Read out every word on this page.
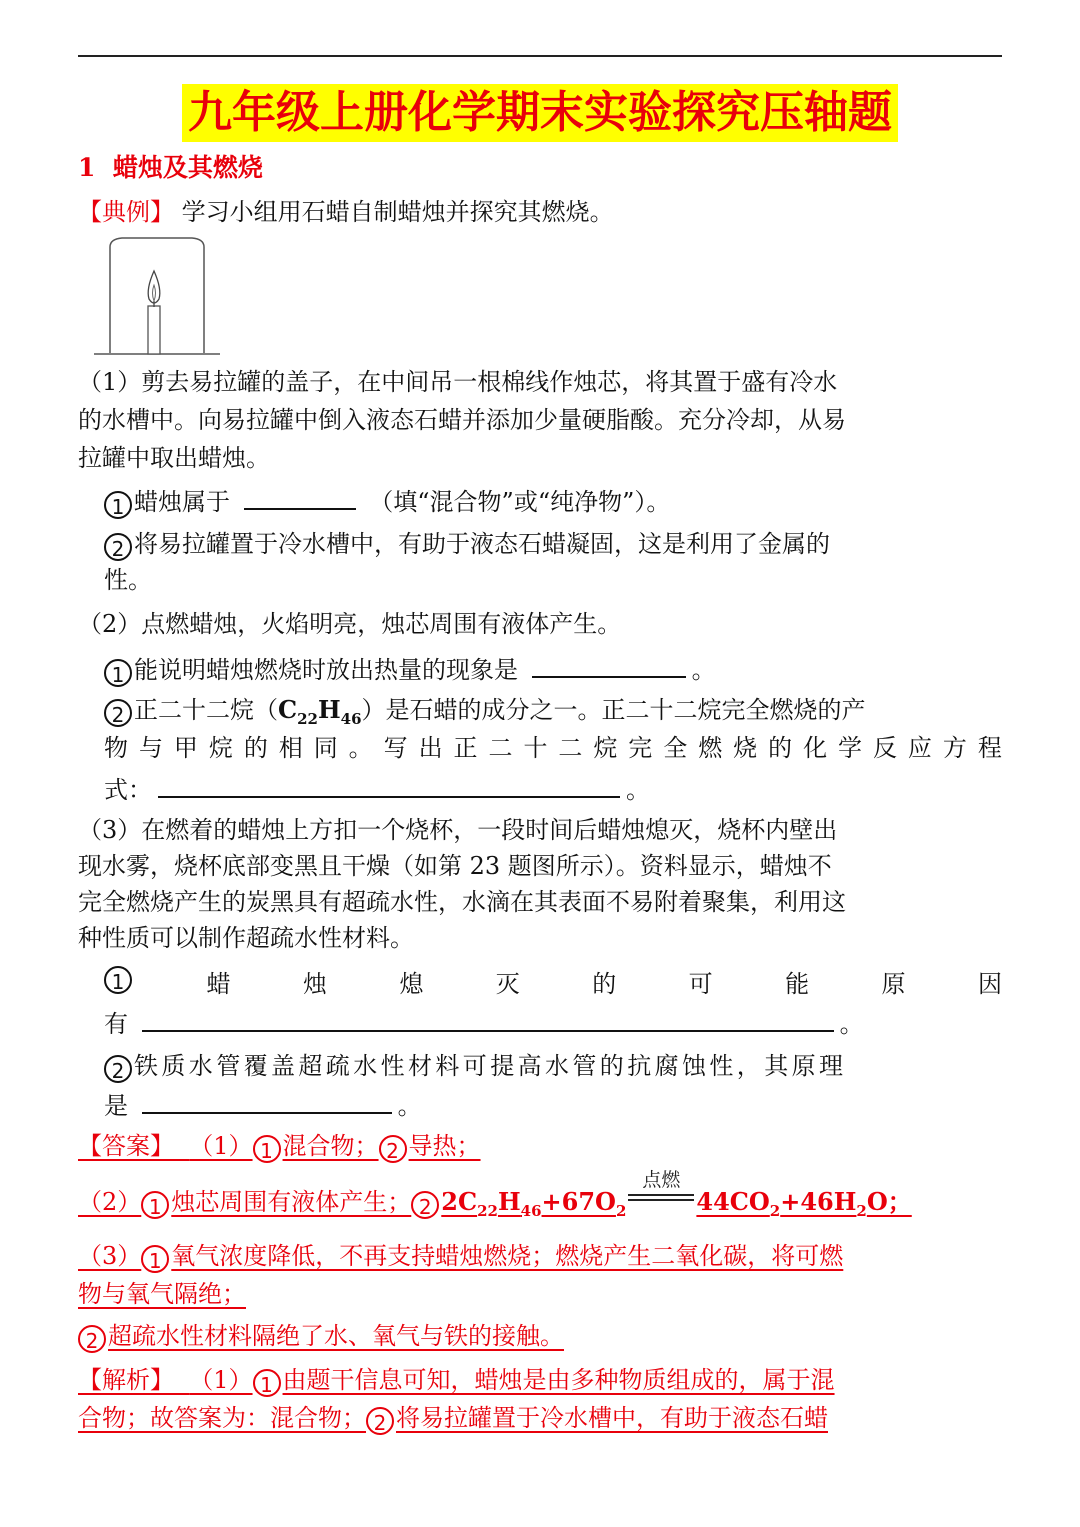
九年级上册化学期末实验探究压轴题
1 蜡烛及其燃烧
【典例】 学习小组用石蜡自制蜡烛并探究其燃烧。
（1）剪去易拉罐的盖子，在中间吊一根棉线作烛芯，将其置于盛有冷水
的水槽中。向易拉罐中倒入液态石蜡并添加少量硬脂酸。充分冷却，从易
拉罐中取出蜡烛。
1 蜡烛属于	（填“混合物”或“纯净物”）。
2 将易拉罐置于冷水槽中，有助于液态石蜡凝固，这是利用了金属的
性。
（2）点燃蜡烛，火焰明亮，烛芯周围有液体产生。
1 能说明蜡烛燃烧时放出热量的现象是	。
2 正二十二烷$(C_{22}H_{46})$是石蜡的成分之一。正二十二烷完全燃烧的产
物 与 甲 烷 的 相 同 。 写 出 正 二 十 二 烷 完 全 燃 烧 的 化 学 反 应 方 程
式：	。
（3）在燃着的蜡烛上方扣一个烧杯，一段时间后蜡烛熄灭，烧杯内壁出
现水雾，烧杯底部变黑且干燥（如第 23 题图所示）。资料显示，蜡烛不
完全燃烧产生的炭黑具有超疏水性，水滴在其表面不易附着聚集，利用这
种性质可以制作超疏水性材料。
1	蜡	烛	熄	灭	的	可	能	原	因
有	。
2 铁质水管覆盖超疏水性材料可提高水管的抗腐蚀性，其原理
是	。
【答案】 （1） 1 混合物； 2 导热；
（2） 1 烛芯周围有液体产生； 2 $2C_{22}H_{46}+67O_2$
点燃
$44CO_2+46H_2O$；
（3） 1 氧气浓度降低，不再支持蜡烛燃烧；燃烧产生二氧化碳，将可燃
物与氧气隔绝；
2 超疏水性材料隔绝了水、氧气与铁的接触。
【解析】 （1） 1 由题干信息可知，蜡烛是由多种物质组成的，属于混
合物；故答案为：混合物； 2 将易拉罐置于冷水槽中，有助于液态石蜡
